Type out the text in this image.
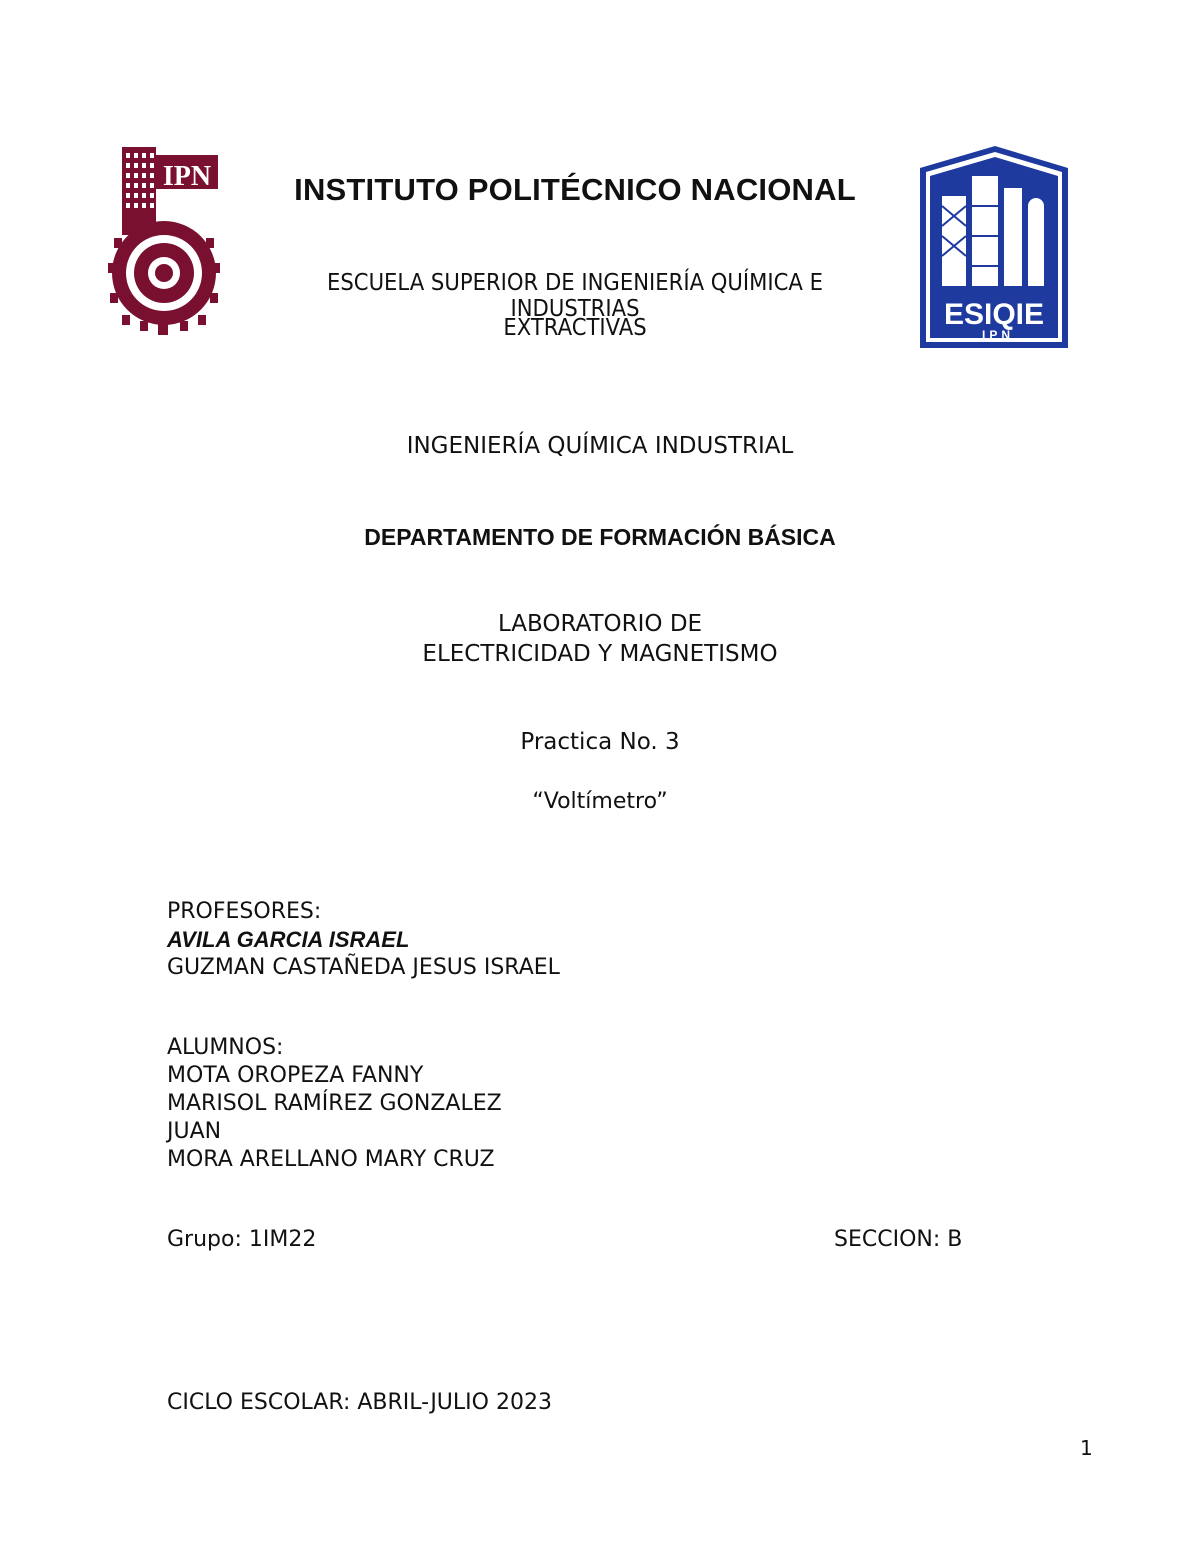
IPN
ESIQIE
IPN
INSTITUTO POLITÉCNICO NACIONAL
ESCUELA SUPERIOR DE INGENIERÍA QUÍMICA E INDUSTRIAS
EXTRACTIVAS
INGENIERÍA QUÍMICA INDUSTRIAL
DEPARTAMENTO DE FORMACIÓN BÁSICA
LABORATORIO DE
ELECTRICIDAD Y MAGNETISMO
Practica No. 3
“Voltímetro”
PROFESORES:
AVILA GARCIA ISRAEL
GUZMAN CASTAÑEDA JESUS ISRAEL
ALUMNOS:
MOTA OROPEZA FANNY
MARISOL RAMÍREZ GONZALEZ
JUAN
MORA ARELLANO MARY CRUZ
Grupo: 1IM22	SECCION: B
CICLO ESCOLAR: ABRIL-JULIO 2023
1
